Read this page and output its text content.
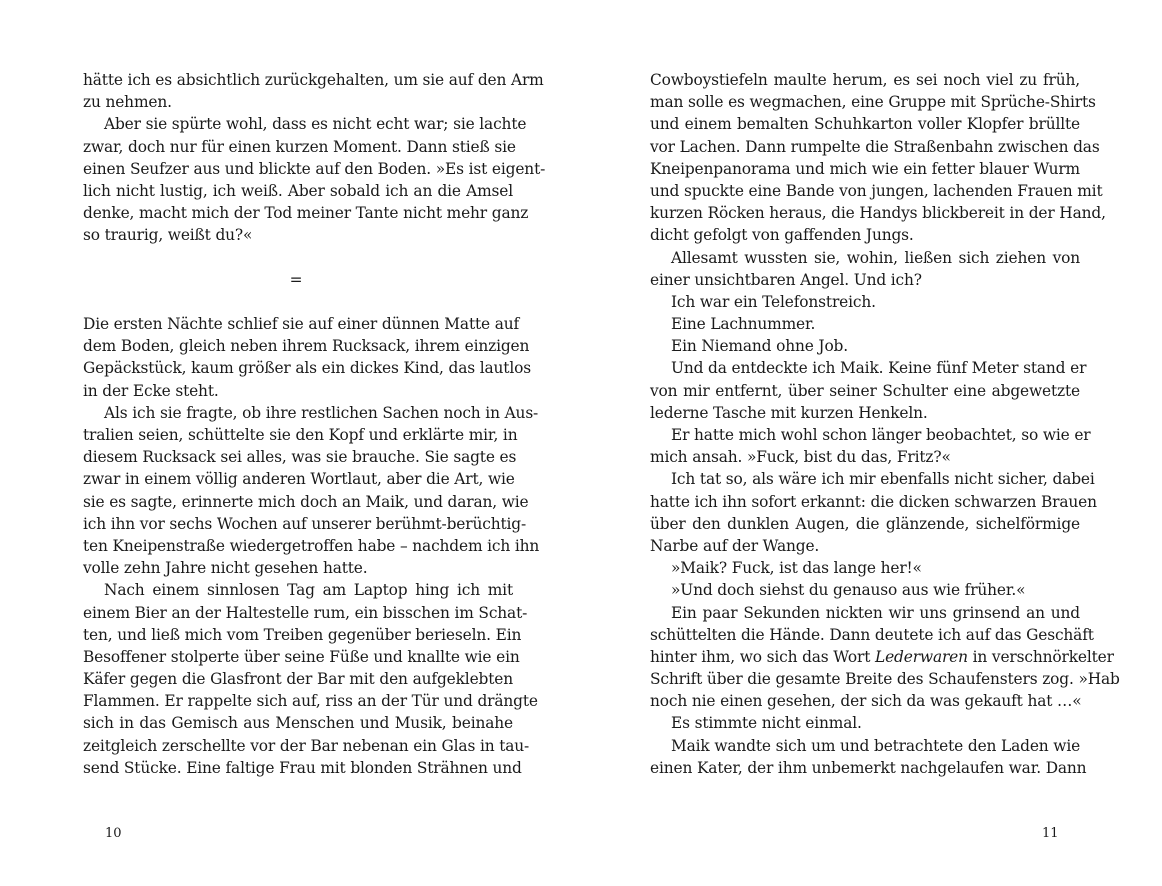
hätte ich es absichtlich zurückgehalten, um sie auf den Arm
zu nehmen.
Aber sie spürte wohl, dass es nicht echt war; sie lachte
zwar, doch nur für einen kurzen Moment. Dann stieß sie
einen Seufzer aus und blickte auf den Boden. »Es ist eigent-
lich nicht lustig, ich weiß. Aber sobald ich an die Amsel
denke, macht mich der Tod meiner Tante nicht mehr ganz
so traurig, weißt du?«
=
Die ersten Nächte schlief sie auf einer dünnen Matte auf
dem Boden, gleich neben ihrem Rucksack, ihrem einzigen
Gepäckstück, kaum größer als ein dickes Kind, das lautlos
in der Ecke steht.
Als ich sie fragte, ob ihre restlichen Sachen noch in Aus-
tralien seien, schüttelte sie den Kopf und erklärte mir, in
diesem Rucksack sei alles, was sie brauche. Sie sagte es
zwar in einem völlig anderen Wortlaut, aber die Art, wie
sie es sagte, erinnerte mich doch an Maik, und daran, wie
ich ihn vor sechs Wochen auf unserer berühmt-berüchtig-
ten Kneipenstraße wiedergetroffen habe – nachdem ich ihn
volle zehn Jahre nicht gesehen hatte.
Nach einem sinnlosen Tag am Laptop hing ich mit
einem Bier an der Haltestelle rum, ein bisschen im Schat-
ten, und ließ mich vom Treiben gegenüber berieseln. Ein
Besoffener stolperte über seine Füße und knallte wie ein
Käfer gegen die Glasfront der Bar mit den aufgeklebten
Flammen. Er rappelte sich auf, riss an der Tür und drängte
sich in das Gemisch aus Menschen und Musik, beinahe
zeitgleich zerschellte vor der Bar nebenan ein Glas in tau-
send Stücke. Eine faltige Frau mit blonden Strähnen und
Cowboystiefeln maulte herum, es sei noch viel zu früh,
man solle es wegmachen, eine Gruppe mit Sprüche-Shirts
und einem bemalten Schuhkarton voller Klopfer brüllte
vor Lachen. Dann rumpelte die Straßenbahn zwischen das
Kneipenpanorama und mich wie ein fetter blauer Wurm
und spuckte eine Bande von jungen, lachenden Frauen mit
kurzen Röcken heraus, die Handys blickbereit in der Hand,
dicht gefolgt von gaffenden Jungs.
Allesamt wussten sie, wohin, ließen sich ziehen von
einer unsichtbaren Angel. Und ich?
Ich war ein Telefonstreich.
Eine Lachnummer.
Ein Niemand ohne Job.
Und da entdeckte ich Maik. Keine fünf Meter stand er
von mir entfernt, über seiner Schulter eine abgewetzte
lederne Tasche mit kurzen Henkeln.
Er hatte mich wohl schon länger beobachtet, so wie er
mich ansah. »Fuck, bist du das, Fritz?«
Ich tat so, als wäre ich mir ebenfalls nicht sicher, dabei
hatte ich ihn sofort erkannt: die dicken schwarzen Brauen
über den dunklen Augen, die glänzende, sichelförmige
Narbe auf der Wange.
»Maik? Fuck, ist das lange her!«
»Und doch siehst du genauso aus wie früher.«
Ein paar Sekunden nickten wir uns grinsend an und
schüttelten die Hände. Dann deutete ich auf das Geschäft
hinter ihm, wo sich das Wort Lederwaren in verschnörkelter
Schrift über die gesamte Breite des Schaufensters zog. »Hab
noch nie einen gesehen, der sich da was gekauft hat …«
Es stimmte nicht einmal.
Maik wandte sich um und betrachtete den Laden wie
einen Kater, der ihm unbemerkt nachgelaufen war. Dann
10	11
